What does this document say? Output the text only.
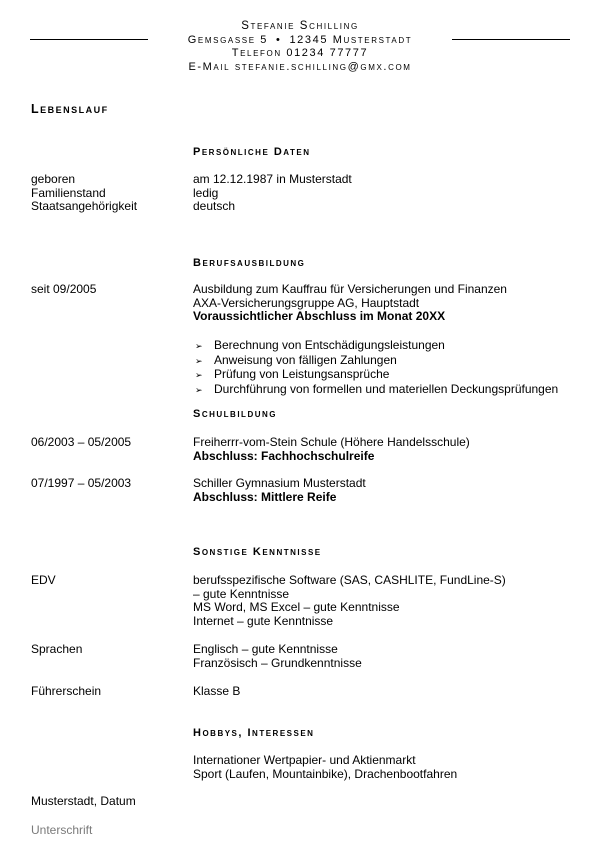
Stefanie Schilling
Gemsgasse 5 • 12345 Musterstadt
Telefon 01234 77777
E-Mail stefanie.schilling@gmx.com
Lebenslauf
Persönliche Daten
geboren	am 12.12.1987 in Musterstadt
Familienstand	ledig
Staatsangehörigkeit	deutsch
Berufsausbildung
seit 09/2005	Ausbildung zum Kauffrau für Versicherungen und Finanzen
AXA-Versicherungsgruppe AG, Hauptstadt
Voraussichtlicher Abschluss im Monat 20XX
➢ Berechnung von Entschädigungsleistungen
➢ Anweisung von fälligen Zahlungen
➢ Prüfung von Leistungsansprüche
➢ Durchführung von formellen und materiellen Deckungsprüfungen
Schulbildung
06/2003 – 05/2005	Freiherrr-vom-Stein Schule (Höhere Handelsschule)
Abschluss: Fachhochschulreife
07/1997 – 05/2003	Schiller Gymnasium Musterstadt
Abschluss: Mittlere Reife
Sonstige Kenntnisse
EDV	berufsspezifische Software (SAS, CASHLITE, FundLine-S)
– gute Kenntnisse
MS Word, MS Excel – gute Kenntnisse
Internet – gute Kenntnisse
Sprachen	Englisch – gute Kenntnisse
Französisch – Grundkenntnisse
Führerschein	Klasse B
Hobbys, Interessen
Internationer Wertpapier- und Aktienmarkt
Sport (Laufen, Mountainbike), Drachenbootfahren
Musterstadt, Datum
Unterschrift
